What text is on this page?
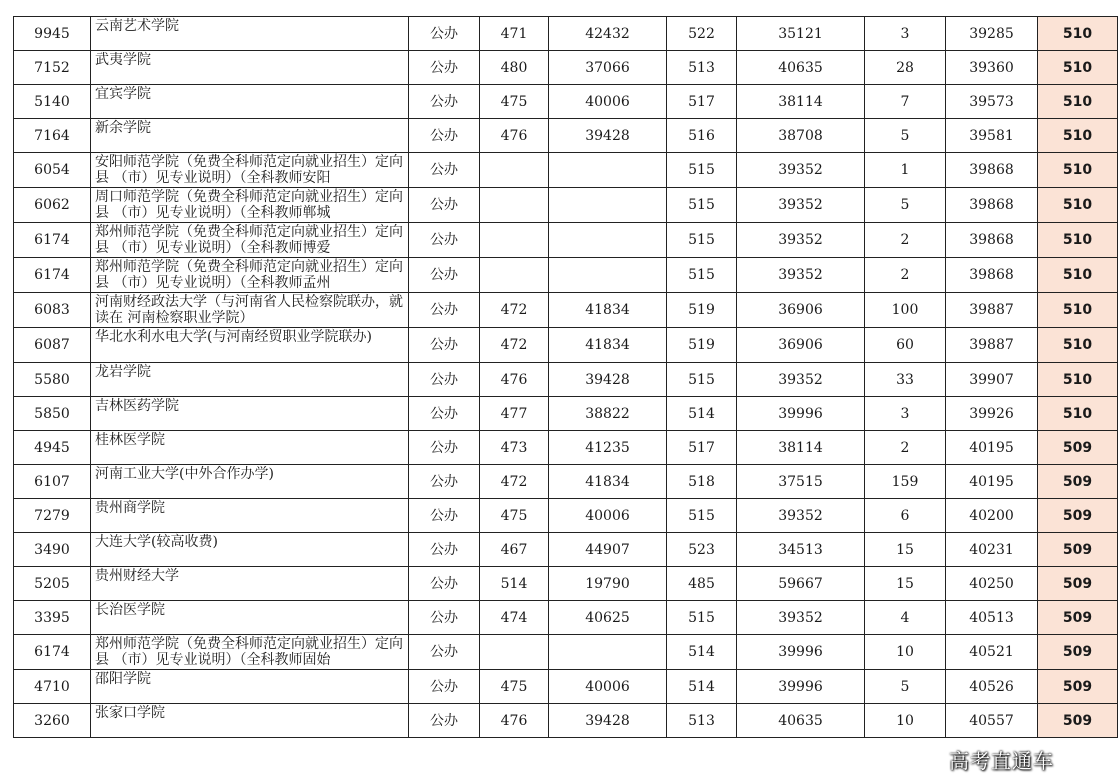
9945	云南艺术学院	公办	471	42432	522	35121	3	39285	510
7152	武夷学院	公办	480	37066	513	40635	28	39360	510
5140	宜宾学院	公办	475	40006	517	38114	7	39573	510
7164	新余学院	公办	476	39428	516	38708	5	39581	510
6054	安阳师范学院（免费全科师范定向就业招生）定向县 （市）见专业说明）（全科教师安阳	公办			515	39352	1	39868	510
6062	周口师范学院（免费全科师范定向就业招生）定向县 （市）见专业说明）（全科教师郸城	公办			515	39352	5	39868	510
6174	郑州师范学院（免费全科师范定向就业招生）定向县 （市）见专业说明）（全科教师博爱	公办			515	39352	2	39868	510
6174	郑州师范学院（免费全科师范定向就业招生）定向县 （市）见专业说明）（全科教师孟州	公办			515	39352	2	39868	510
6083	河南财经政法大学（与河南省人民检察院联办，就读在 河南检察职业学院）	公办	472	41834	519	36906	100	39887	510
6087	华北水利水电大学(与河南经贸职业学院联办)	公办	472	41834	519	36906	60	39887	510
5580	龙岩学院	公办	476	39428	515	39352	33	39907	510
5850	吉林医药学院	公办	477	38822	514	39996	3	39926	510
4945	桂林医学院	公办	473	41235	517	38114	2	40195	509
6107	河南工业大学(中外合作办学)	公办	472	41834	518	37515	159	40195	509
7279	贵州商学院	公办	475	40006	515	39352	6	40200	509
3490	大连大学(较高收费)	公办	467	44907	523	34513	15	40231	509
5205	贵州财经大学	公办	514	19790	485	59667	15	40250	509
3395	长治医学院	公办	474	40625	515	39352	4	40513	509
6174	郑州师范学院（免费全科师范定向就业招生）定向县 （市）见专业说明）（全科教师固始	公办			514	39996	10	40521	509
4710	邵阳学院	公办	475	40006	514	39996	5	40526	509
3260	张家口学院	公办	476	39428	513	40635	10	40557	509
高考直通车
